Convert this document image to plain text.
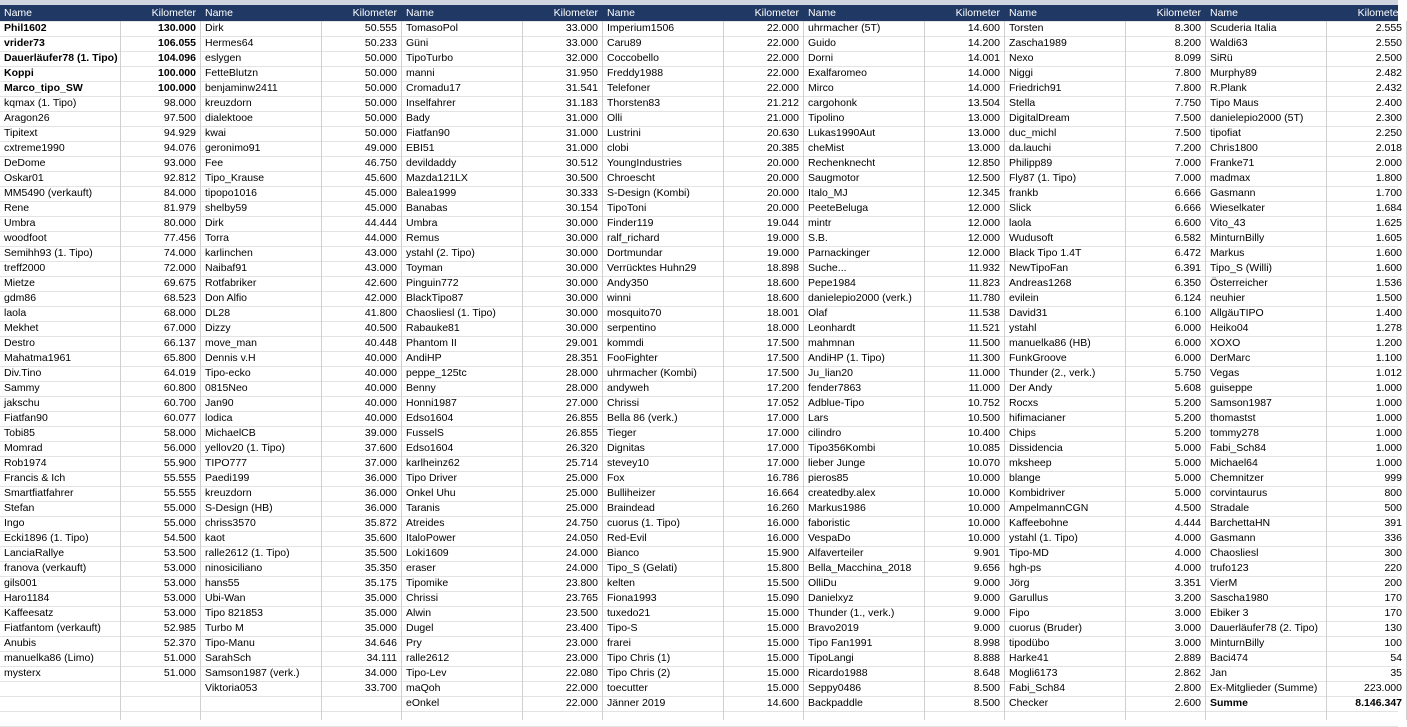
Name	Kilometer
Phil1602	130.000
vrider73	106.055
Dauerläufer78 (1. Tipo)	104.096
Koppi	100.000
Marco_tipo_SW	100.000
kqmax (1. Tipo)	98.000
Aragon26	97.500
Tipitext	94.929
cxtreme1990	94.076
DeDome	93.000
Oskar01	92.812
MM5490 (verkauft)	84.000
Rene	81.979
Umbra	80.000
woodfoot	77.456
Semihh93 (1. Tipo)	74.000
treff2000	72.000
Mietze	69.675
gdm86	68.523
laola	68.000
Mekhet	67.000
Destro	66.137
Mahatma1961	65.800
Div.Tino	64.019
Sammy	60.800
jakschu	60.700
Fiatfan90	60.077
Tobi85	58.000
Momrad	56.000
Rob1974	55.900
Francis & Ich	55.555
Smartfiatfahrer	55.555
Stefan	55.000
Ingo	55.000
Ecki1896 (1. Tipo)	54.500
LanciaRallye	53.500
franova (verkauft)	53.000
gils001	53.000
Haro1184	53.000
Kaffeesatz	53.000
Fiatfantom (verkauft)	52.985
Anubis	52.370
manuelka86 (Limo)	51.000
mysterx	51.000
Name	Kilometer
Dirk	50.555
Hermes64	50.233
eslygen	50.000
FetteBlutzn	50.000
benjaminw2411	50.000
kreuzdorn	50.000
dialektooe	50.000
kwai	50.000
geronimo91	49.000
Fee	46.750
Tipo_Krause	45.600
tipopo1016	45.000
shelby59	45.000
Dirk	44.444
Torra	44.000
karlinchen	43.000
Naibaf91	43.000
Rotfabriker	42.600
Don Alfio	42.000
DL28	41.800
Dizzy	40.500
move_man	40.448
Dennis v.H	40.000
Tipo-ecko	40.000
0815Neo	40.000
Jan90	40.000
lodica	40.000
MichaelCB	39.000
yellov20 (1. Tipo)	37.600
TIPO777	37.000
Paedi199	36.000
kreuzdorn	36.000
S-Design (HB)	36.000
chriss3570	35.872
kaot	35.600
ralle2612 (1. Tipo)	35.500
ninosiciliano	35.350
hans55	35.175
Ubi-Wan	35.000
Tipo 821853	35.000
Turbo M	35.000
Tipo-Manu	34.646
SarahSch	34.111
Samson1987 (verk.)	34.000
Viktoria053	33.700
Name	Kilometer
TomasoPol	33.000
Güni	33.000
TipoTurbo	32.000
manni	31.950
Cromadu17	31.541
Inselfahrer	31.183
Bady	31.000
Fiatfan90	31.000
EBI51	31.000
devildaddy	30.512
Mazda121LX	30.500
Balea1999	30.333
Banabas	30.154
Umbra	30.000
Remus	30.000
ystahl (2. Tipo)	30.000
Toyman	30.000
Pinguin772	30.000
BlackTipo87	30.000
Chaosliesl (1. Tipo)	30.000
Rabauke81	30.000
Phantom II	29.001
AndiHP	28.351
peppe_125tc	28.000
Benny	28.000
Honni1987	27.000
Edso1604	26.855
FusselS	26.855
Edso1604	26.320
karlheinz62	25.714
Tipo Driver	25.000
Onkel Uhu	25.000
Taranis	25.000
Atreides	24.750
ItaloPower	24.050
Loki1609	24.000
eraser	24.000
Tipomike	23.800
Chrissi	23.765
Alwin	23.500
Dugel	23.400
Pry	23.000
ralle2612	23.000
Tipo-Lev	22.080
maQoh	22.000
eOnkel	22.000
Name	Kilometer
Imperium1506	22.000
Caru89	22.000
Coccobello	22.000
Freddy1988	22.000
Telefoner	22.000
Thorsten83	21.212
Olli	21.000
Lustrini	20.630
clobi	20.385
YoungIndustries	20.000
Chroescht	20.000
S-Design (Kombi)	20.000
TipoToni	20.000
Finder119	19.044
ralf_richard	19.000
Dortmundar	19.000
Verrücktes Huhn29	18.898
Andy350	18.600
winni	18.600
mosquito70	18.001
serpentino	18.000
kommdi	17.500
FooFighter	17.500
uhrmacher (Kombi)	17.500
andyweh	17.200
Chrissi	17.052
Bella 86 (verk.)	17.000
Tieger	17.000
Dignitas	17.000
stevey10	17.000
Fox	16.786
Bulliheizer	16.664
Braindead	16.260
cuorus (1. Tipo)	16.000
Red-Evil	16.000
Bianco	15.900
Tipo_S (Gelati)	15.800
kelten	15.500
Fiona1993	15.090
tuxedo21	15.000
Tipo-S	15.000
frarei	15.000
Tipo Chris (1)	15.000
Tipo Chris (2)	15.000
toecutter	15.000
Jänner 2019	14.600
Name	Kilometer
uhrmacher (5T)	14.600
Guido	14.200
Dorni	14.001
Exalfaromeo	14.000
Mirco	14.000
cargohonk	13.504
Tipolino	13.000
Lukas1990Aut	13.000
cheMist	13.000
Rechenknecht	12.850
Saugmotor	12.500
Italo_MJ	12.345
PeeteBeluga	12.000
mintr	12.000
S.B.	12.000
Parnackinger	12.000
Suche...	11.932
Pepe1984	11.823
danielepio2000 (verk.)	11.780
Olaf	11.538
Leonhardt	11.521
mahmnan	11.500
AndiHP (1. Tipo)	11.300
Ju_lian20	11.000
fender7863	11.000
Adblue-Tipo	10.752
Lars	10.500
cilindro	10.400
Tipo356Kombi	10.085
lieber Junge	10.070
pieros85	10.000
createdby.alex	10.000
Markus1986	10.000
faboristic	10.000
VespaDo	10.000
Alfaverteiler	9.901
Bella_Macchina_2018	9.656
OlliDu	9.000
Danielxyz	9.000
Thunder (1., verk.)	9.000
Bravo2019	9.000
Tipo Fan1991	8.998
TipoLangi	8.888
Ricardo1988	8.648
Seppy0486	8.500
Backpaddle	8.500
Name	Kilometer
Torsten	8.300
Zascha1989	8.200
Nexo	8.099
Niggi	7.800
Friedrich91	7.800
Stella	7.750
DigitalDream	7.500
duc_michl	7.500
da.lauchi	7.200
Philipp89	7.000
Fly87 (1. Tipo)	7.000
frankb	6.666
Slick	6.666
laola	6.600
Wudusoft	6.582
Black Tipo 1.4T	6.472
NewTipoFan	6.391
Andreas1268	6.350
evilein	6.124
David31	6.100
ystahl	6.000
manuelka86 (HB)	6.000
FunkGroove	6.000
Thunder (2., verk.)	5.750
Der Andy	5.608
Rocxs	5.200
hifimacianer	5.200
Chips	5.200
Dissidencia	5.000
mksheep	5.000
blange	5.000
Kombidriver	5.000
AmpelmannCGN	4.500
Kaffeebohne	4.444
ystahl (1. Tipo)	4.000
Tipo-MD	4.000
hgh-ps	4.000
Jörg	3.351
Garullus	3.200
Fipo	3.000
cuorus (Bruder)	3.000
tipodübo	3.000
Harke41	2.889
Mogli6173	2.862
Fabi_Sch84	2.800
Checker	2.600
Name	Kilometer
Scuderia Italia	2.555
Waldi63	2.550
SiRü	2.500
Murphy89	2.482
R.Plank	2.432
Tipo Maus	2.400
danielepio2000 (5T)	2.300
tipofiat	2.250
Chris1800	2.018
Franke71	2.000
madmax	1.800
Gasmann	1.700
Wieselkater	1.684
Vito_43	1.625
MinturnBilly	1.605
Markus	1.600
Tipo_S (Willi)	1.600
Österreicher	1.536
neuhier	1.500
AllgäuTIPO	1.400
Heiko04	1.278
XOXO	1.200
DerMarc	1.100
Vegas	1.012
guiseppe	1.000
Samson1987	1.000
thomastst	1.000
tommy278	1.000
Fabi_Sch84	1.000
Michael64	1.000
Chemnitzer	999
corvintaurus	800
Stradale	500
BarchettaHN	391
Gasmann	336
Chaosliesl	300
trufo123	220
VierM	200
Sascha1980	170
Ebiker 3	170
Dauerläufer78 (2. Tipo)	130
MinturnBilly	100
Baci474	54
Jan	35
Ex-Mitglieder (Summe)	223.000
Summe	8.146.347
